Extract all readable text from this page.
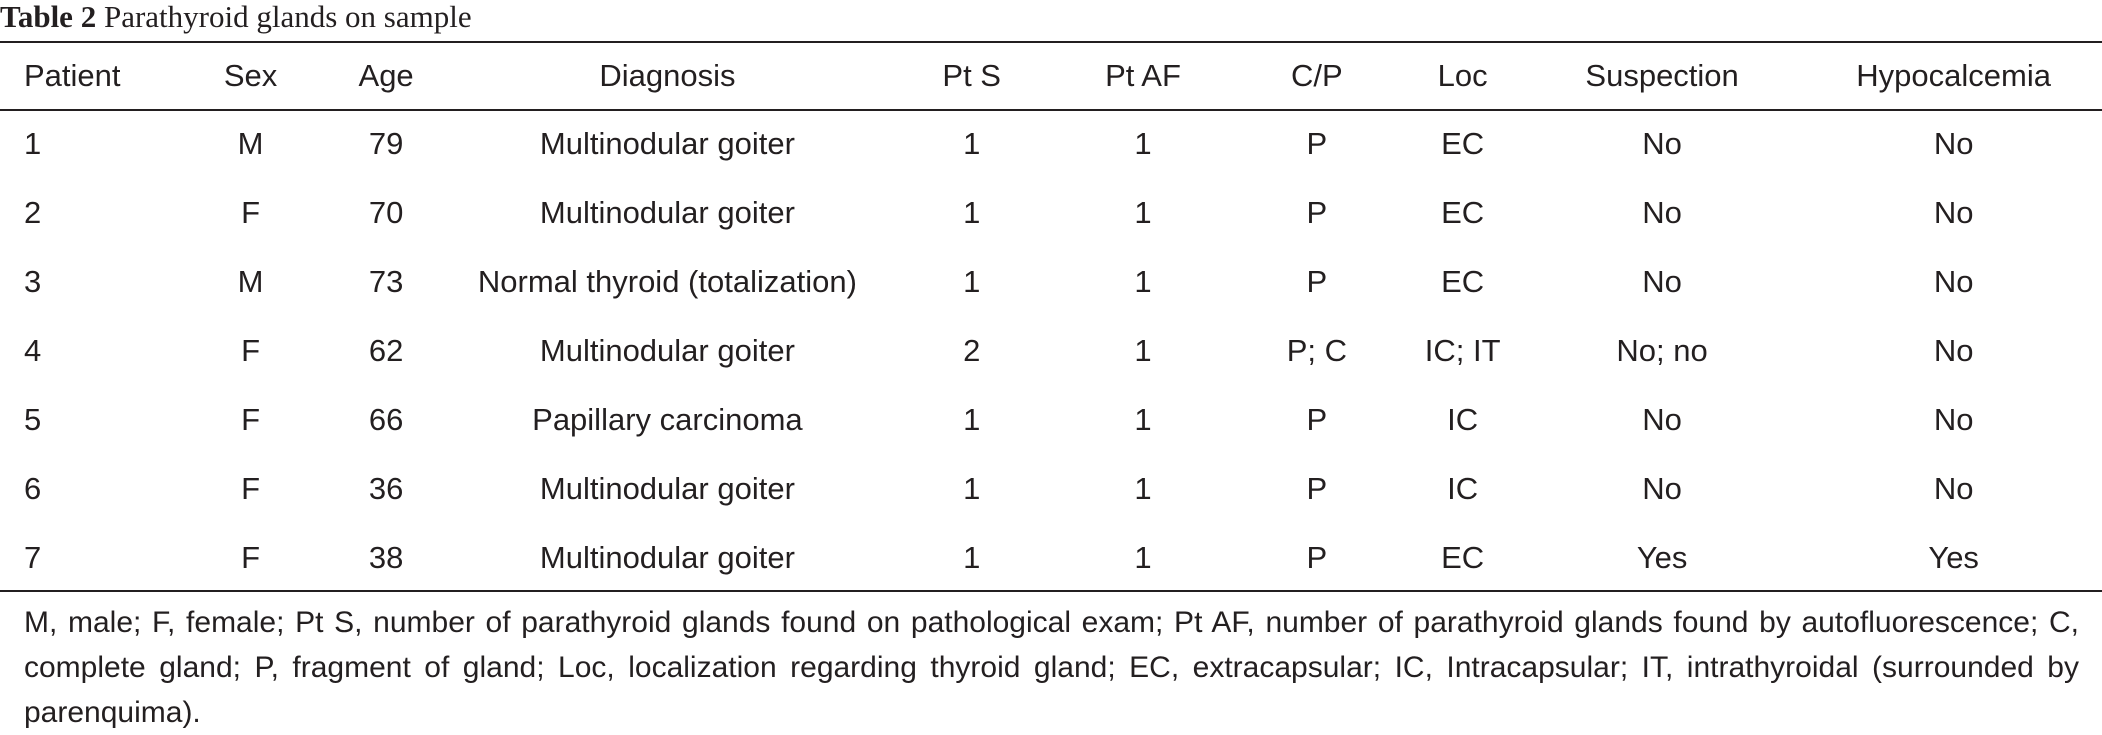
Table 2 Parathyroid glands on sample
Patient	Sex	Age	Diagnosis	Pt S	Pt AF	C/P	Loc	Suspection	Hypocalcemia
1	M	79	Multinodular goiter	1	1	P	EC	No	No
2	F	70	Multinodular goiter	1	1	P	EC	No	No
3	M	73	Normal thyroid (totalization)	1	1	P	EC	No	No
4	F	62	Multinodular goiter	2	1	P; C	IC; IT	No; no	No
5	F	66	Papillary carcinoma	1	1	P	IC	No	No
6	F	36	Multinodular goiter	1	1	P	IC	No	No
7	F	38	Multinodular goiter	1	1	P	EC	Yes	Yes
M, male; F, female; Pt S, number of parathyroid glands found on pathological exam; Pt AF, number of parathyroid glands found by autofluorescence; C, complete gland; P, fragment of gland; Loc, localization regarding thyroid gland; EC, extracapsular; IC, Intracapsular; IT, intrathyroidal (surrounded by parenquima).
